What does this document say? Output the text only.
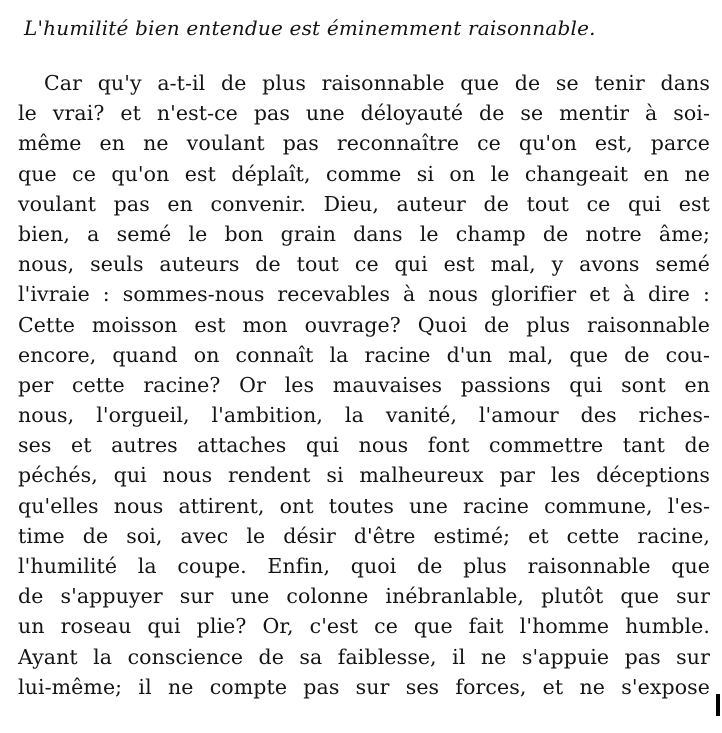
L'humilité bien entendue est éminemment raisonnable.
Car qu'y a-t-il de plus raisonnable que de se tenir dans
le vrai? et n'est-ce pas une déloyauté de se mentir à soi-
même en ne voulant pas reconnaître ce qu'on est, parce
que ce qu'on est déplaît, comme si on le changeait en ne
voulant pas en convenir. Dieu, auteur de tout ce qui est
bien, a semé le bon grain dans le champ de notre âme;
nous, seuls auteurs de tout ce qui est mal, y avons semé
l'ivraie : sommes-nous recevables à nous glorifier et à dire :
Cette moisson est mon ouvrage? Quoi de plus raisonnable
encore, quand on connaît la racine d'un mal, que de cou-
per cette racine? Or les mauvaises passions qui sont en
nous, l'orgueil, l'ambition, la vanité, l'amour des riches-
ses et autres attaches qui nous font commettre tant de
péchés, qui nous rendent si malheureux par les déceptions
qu'elles nous attirent, ont toutes une racine commune, l'es-
time de soi, avec le désir d'être estimé; et cette racine,
l'humilité la coupe. Enfin, quoi de plus raisonnable que
de s'appuyer sur une colonne inébranlable, plutôt que sur
un roseau qui plie? Or, c'est ce que fait l'homme humble.
Ayant la conscience de sa faiblesse, il ne s'appuie pas sur
lui-même; il ne compte pas sur ses forces, et ne s'expose
